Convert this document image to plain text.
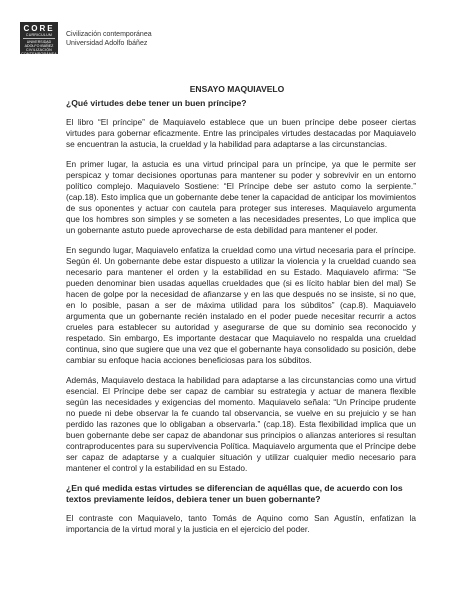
CORE
CURRICULUM
UNIVERSIDAD ADOLFO IBÁÑEZ
CIVILIZACIÓN CONTEMPORÁNEA
Civilización contemporánea
Universidad Adolfo Ibáñez
ENSAYO MAQUIAVELO
¿Qué virtudes debe tener un buen príncipe?
El libro “El príncipe” de Maquiavelo establece que un buen príncipe debe poseer ciertas virtudes para gobernar eficazmente. Entre las principales virtudes destacadas por Maquiavelo se encuentran la astucia, la crueldad y la habilidad para adaptarse a las circunstancias.
En primer lugar, la astucia es una virtud principal para un príncipe, ya que le permite ser perspicaz y tomar decisiones oportunas para mantener su poder y sobrevivir en un entorno político complejo. Maquiavelo Sostiene: “El Príncipe debe ser astuto como la serpiente.” (cap.18). Esto implica que un gobernante debe tener la capacidad de anticipar los movimientos de sus oponentes y actuar con cautela para proteger sus intereses. Maquiavelo argumenta que los hombres son simples y se someten a las necesidades presentes, Lo que implica que un gobernante astuto puede aprovecharse de esta debilidad para mantener el poder.
En segundo lugar, Maquiavelo enfatiza la crueldad como una virtud necesaria para el príncipe. Según él. Un gobernante debe estar dispuesto a utilizar la violencia y la crueldad cuando sea necesario para mantener el orden y la estabilidad en su Estado. Maquiavelo afirma: “Se pueden denominar bien usadas aquellas crueldades que (si es lícito hablar bien del mal) Se hacen de golpe por la necesidad de afianzarse y en las que después no se insiste, si no que, en lo posible, pasan a ser de máxima utilidad para los súbditos” (cap.8). Maquiavelo argumenta que un gobernante recién instalado en el poder puede necesitar recurrir a actos crueles para establecer su autoridad y asegurarse de que su dominio sea reconocido y respetado. Sin embargo, Es importante destacar que Maquiavelo no respalda una crueldad continua, sino que sugiere que una vez que el gobernante haya consolidado su posición, debe cambiar su enfoque hacia acciones beneficiosas para los súbditos.
Además, Maquiavelo destaca la habilidad para adaptarse a las circunstancias como una virtud esencial. El Príncipe debe ser capaz de cambiar su estrategia y actuar de manera flexible según las necesidades y exigencias del momento. Maquiavelo señala: “Un Príncipe prudente no puede ni debe observar la fe cuando tal observancia, se vuelve en su prejuicio y se han perdido las razones que lo obligaban a observarla.” (cap.18). Esta flexibilidad implica que un buen gobernante debe ser capaz de abandonar sus principios o alianzas anteriores si resultan contraproducentes para su supervivencia Política. Maquiavelo argumenta que el Príncipe debe ser capaz de adaptarse y a cualquier situación y utilizar cualquier medio necesario para mantener el control y la estabilidad en su Estado.
¿En qué medida estas virtudes se diferencian de aquéllas que, de acuerdo con los textos previamente leídos, debiera tener un buen gobernante?
El contraste con Maquiavelo, tanto Tomás de Aquino como San Agustín, enfatizan la importancia de la virtud moral y la justicia en el ejercicio del poder.
